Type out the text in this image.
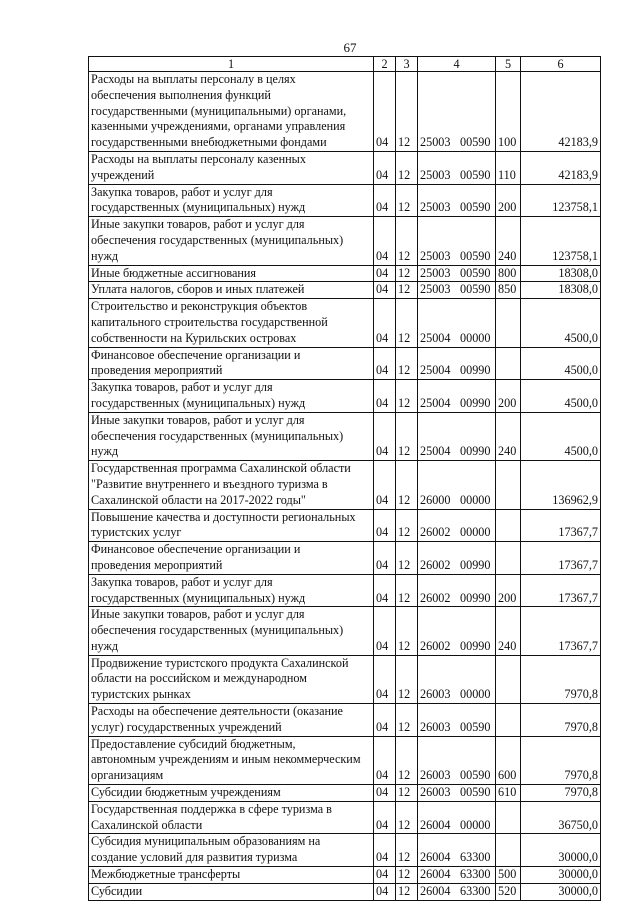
67
1	2	3	4	5	6

Расходы на выплаты персоналу в целях
обеспечения выполнения функций
государственными (муниципальными) органами,
казенными учреждениями, органами управления
государственными внебюджетными фондами	04	12	25003 00590	100	42183,9

Расходы на выплаты персоналу казенных
учреждений	04	12	25003 00590	110	42183,9

Закупка товаров, работ и услуг для
государственных (муниципальных) нужд	04	12	25003 00590	200	123758,1

Иные закупки товаров, работ и услуг для
обеспечения государственных (муниципальных)
нужд	04	12	25003 00590	240	123758,1

Иные бюджетные ассигнования	04	12	25003 00590	800	18308,0

Уплата налогов, сборов и иных платежей	04	12	25003 00590	850	18308,0

Строительство и реконструкция объектов
капитального строительства государственной
собственности на Курильских островах	04	12	25004 00000		4500,0

Финансовое обеспечение организации и
проведения мероприятий	04	12	25004 00990		4500,0

Закупка товаров, работ и услуг для
государственных (муниципальных) нужд	04	12	25004 00990	200	4500,0

Иные закупки товаров, работ и услуг для
обеспечения государственных (муниципальных)
нужд	04	12	25004 00990	240	4500,0

Государственная программа Сахалинской области
"Развитие внутреннего и въездного туризма в
Сахалинской области на 2017-2022 годы"	04	12	26000 00000		136962,9

Повышение качества и доступности региональных
туристских услуг	04	12	26002 00000		17367,7

Финансовое обеспечение организации и
проведения мероприятий	04	12	26002 00990		17367,7

Закупка товаров, работ и услуг для
государственных (муниципальных) нужд	04	12	26002 00990	200	17367,7

Иные закупки товаров, работ и услуг для
обеспечения государственных (муниципальных)
нужд	04	12	26002 00990	240	17367,7

Продвижение туристского продукта Сахалинской
области на российском и международном
туристских рынках	04	12	26003 00000		7970,8

Расходы на обеспечение деятельности (оказание
услуг) государственных учреждений	04	12	26003 00590		7970,8

Предоставление субсидий бюджетным,
автономным учреждениям и иным некоммерческим
организациям	04	12	26003 00590	600	7970,8

Субсидии бюджетным учреждениям	04	12	26003 00590	610	7970,8

Государственная поддержка в сфере туризма в
Сахалинской области	04	12	26004 00000		36750,0

Субсидия муниципальным образованиям на
создание условий для развития туризма	04	12	26004 63300		30000,0

Межбюджетные трансферты	04	12	26004 63300	500	30000,0

Субсидии	04	12	26004 63300	520	30000,0
